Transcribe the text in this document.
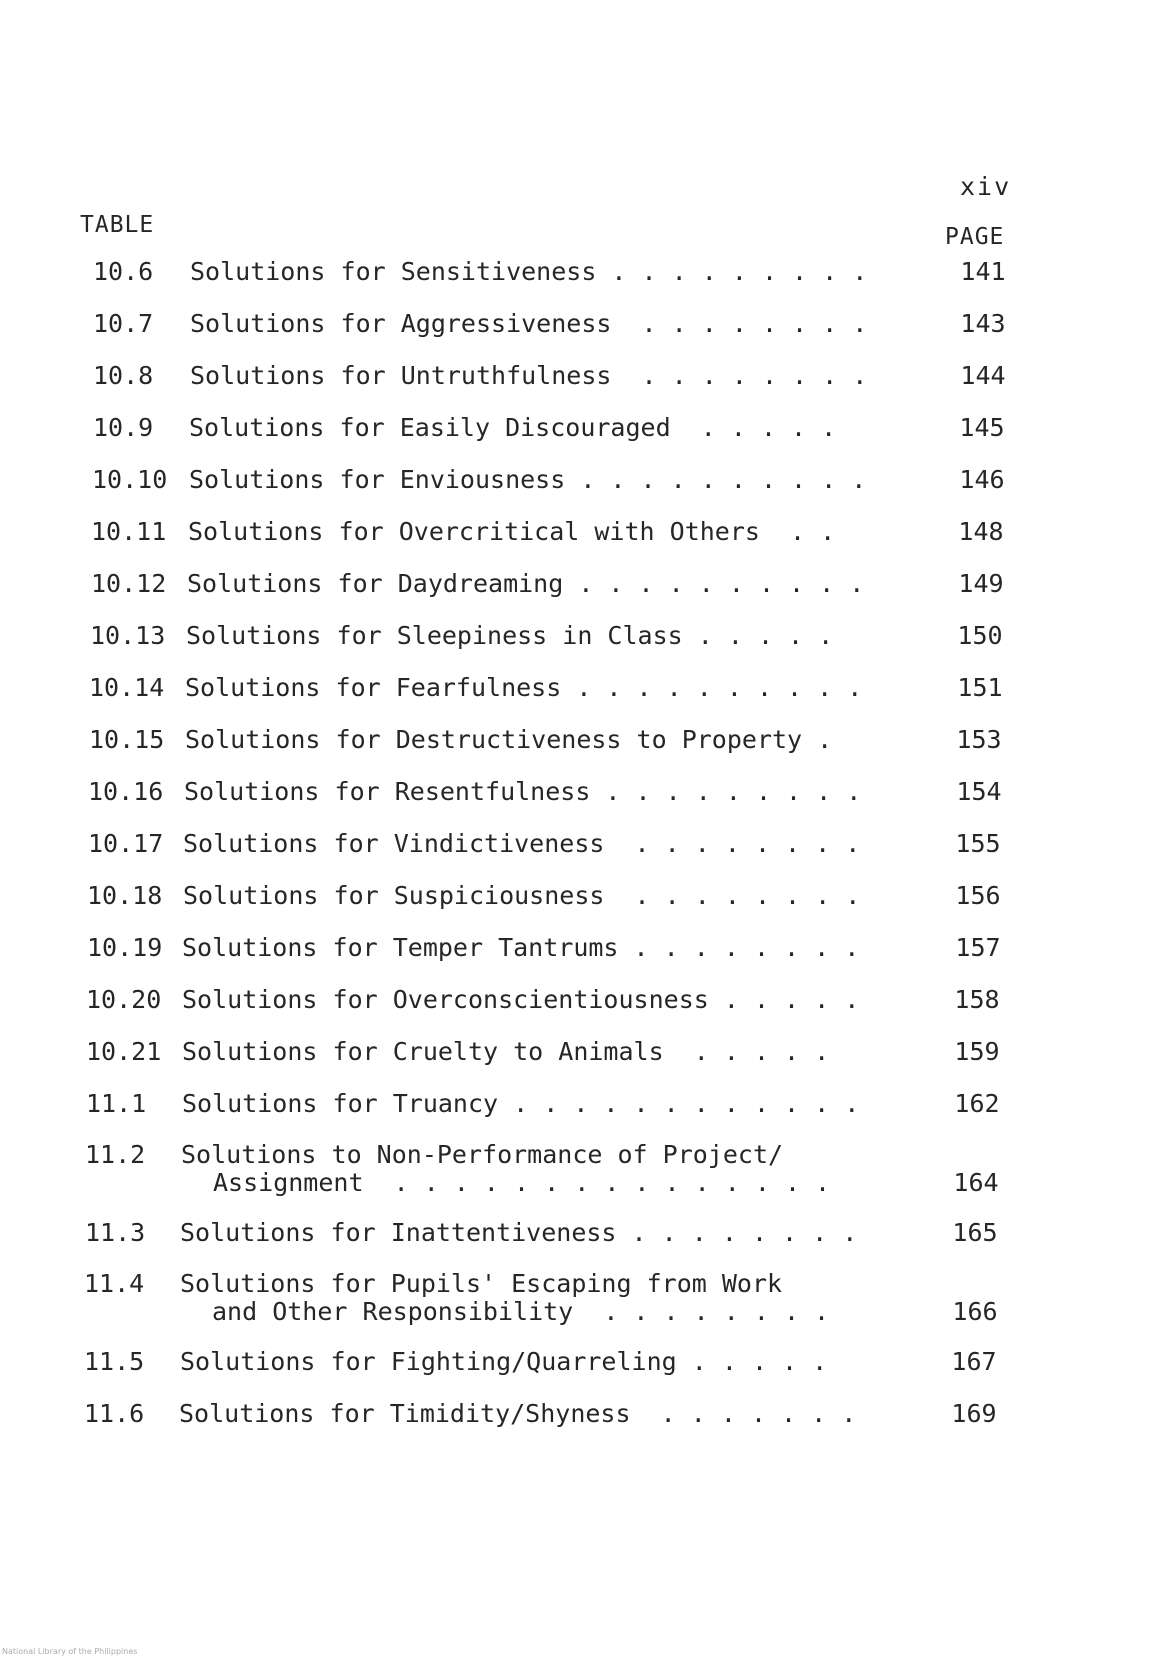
xiv
TABLE	PAGE
10.6 Solutions for Sensitiveness . . . . . . . . .	141
10.7 Solutions for Aggressiveness  . . . . . . . .	143
10.8 Solutions for Untruthfulness  . . . . . . . .	144
10.9 Solutions for Easily Discouraged  . . . . .	145
10.10 Solutions for Enviousness . . . . . . . . . .	146
10.11 Solutions for Overcritical with Others  . .	148
10.12 Solutions for Daydreaming . . . . . . . . . .	149
10.13 Solutions for Sleepiness in Class . . . . .	150
10.14 Solutions for Fearfulness . . . . . . . . . .	151
10.15 Solutions for Destructiveness to Property .	153
10.16 Solutions for Resentfulness . . . . . . . . .	154
10.17 Solutions for Vindictiveness  . . . . . . . .	155
10.18 Solutions for Suspiciousness  . . . . . . . .	156
10.19 Solutions for Temper Tantrums . . . . . . . .	157
10.20 Solutions for Overconscientiousness . . . . .	158
10.21 Solutions for Cruelty to Animals  . . . . .	159
11.1 Solutions for Truancy . . . . . . . . . . . .	162
11.2 Solutions to Non-Performance of Project/
Assignment  . . . . . . . . . . . . . . .	164
11.3 Solutions for Inattentiveness . . . . . . . .	165
11.4 Solutions for Pupils' Escaping from Work
and Other Responsibility  . . . . . . . .	166
11.5 Solutions for Fighting/Quarreling . . . . .	167
11.6 Solutions for Timidity/Shyness  . . . . . . .	169
National Library of the Philippines
